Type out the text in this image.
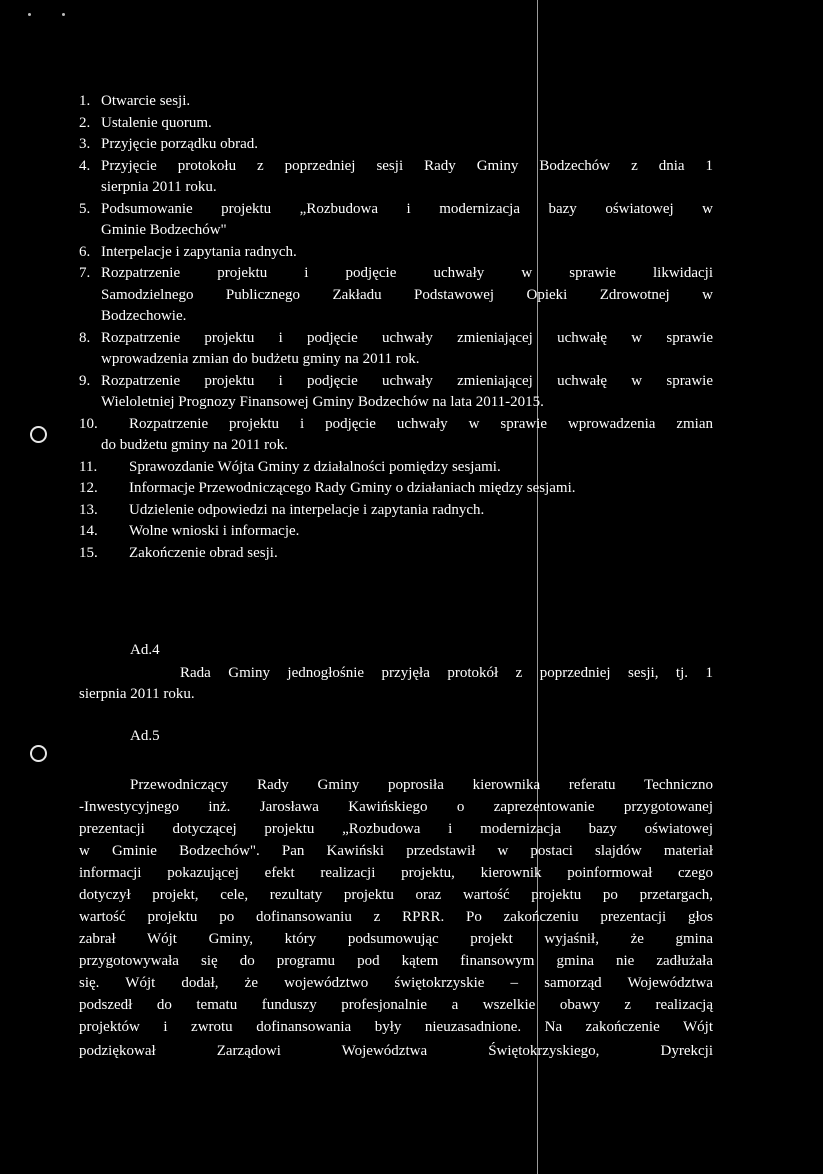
1. Otwarcie sesji.
2. Ustalenie quorum.
3. Przyjęcie porządku obrad.
4. Przyjęcie protokołu z poprzedniej sesji Rady Gminy Bodzechów z dnia 1
sierpnia 2011 roku.
5. Podsumowanie projektu „Rozbudowa i modernizacja bazy oświatowej w
Gminie Bodzechów"
6. Interpelacje i zapytania radnych.
7. Rozpatrzenie projektu i podjęcie uchwały w sprawie likwidacji
Samodzielnego Publicznego Zakładu Podstawowej Opieki Zdrowotnej w
Bodzechowie.
8. Rozpatrzenie projektu i podjęcie uchwały zmieniającej uchwałę w sprawie
wprowadzenia zmian do budżetu gminy na 2011 rok.
9. Rozpatrzenie projektu i podjęcie uchwały zmieniającej uchwałę w sprawie
Wieloletniej Prognozy Finansowej Gminy Bodzechów na lata 2011-2015.
10.	Rozpatrzenie projektu i podjęcie uchwały w sprawie wprowadzenia zmian
do budżetu gminy na 2011 rok.
11.	Sprawozdanie Wójta Gminy z działalności pomiędzy sesjami.
12.	Informacje Przewodniczącego Rady Gminy o działaniach między sesjami.
13.	Udzielenie odpowiedzi na interpelacje i zapytania radnych.
14.	Wolne wnioski i informacje.
15.	Zakończenie obrad sesji.
Ad.4
Rada Gminy jednogłośnie przyjęła protokół z poprzedniej sesji, tj. 1
sierpnia 2011 roku.
Ad.5
Przewodniczący Rady Gminy poprosiła kierownika referatu Techniczno
-Inwestycyjnego inż. Jarosława Kawińskiego o zaprezentowanie przygotowanej
prezentacji dotyczącej projektu „Rozbudowa i modernizacja bazy oświatowej
w Gminie Bodzechów". Pan Kawiński przedstawił w postaci slajdów materiał
informacji pokazującej efekt realizacji projektu, kierownik poinformował czego
dotyczył projekt, cele, rezultaty projektu oraz wartość projektu po przetargach,
wartość projektu po dofinansowaniu z RPRR. Po zakończeniu prezentacji głos
zabrał Wójt Gminy, który podsumowując projekt wyjaśnił, że gmina
przygotowywała się do programu pod kątem finansowym gmina nie zadłużała
się. Wójt dodał, że województwo świętokrzyskie – samorząd Województwa
podszedł do tematu funduszy profesjonalnie a wszelkie obawy z realizacją
projektów i zwrotu dofinansowania były nieuzasadnione. Na zakończenie Wójt
podziękował Zarządowi Województwa Świętokrzyskiego, Dyrekcji
